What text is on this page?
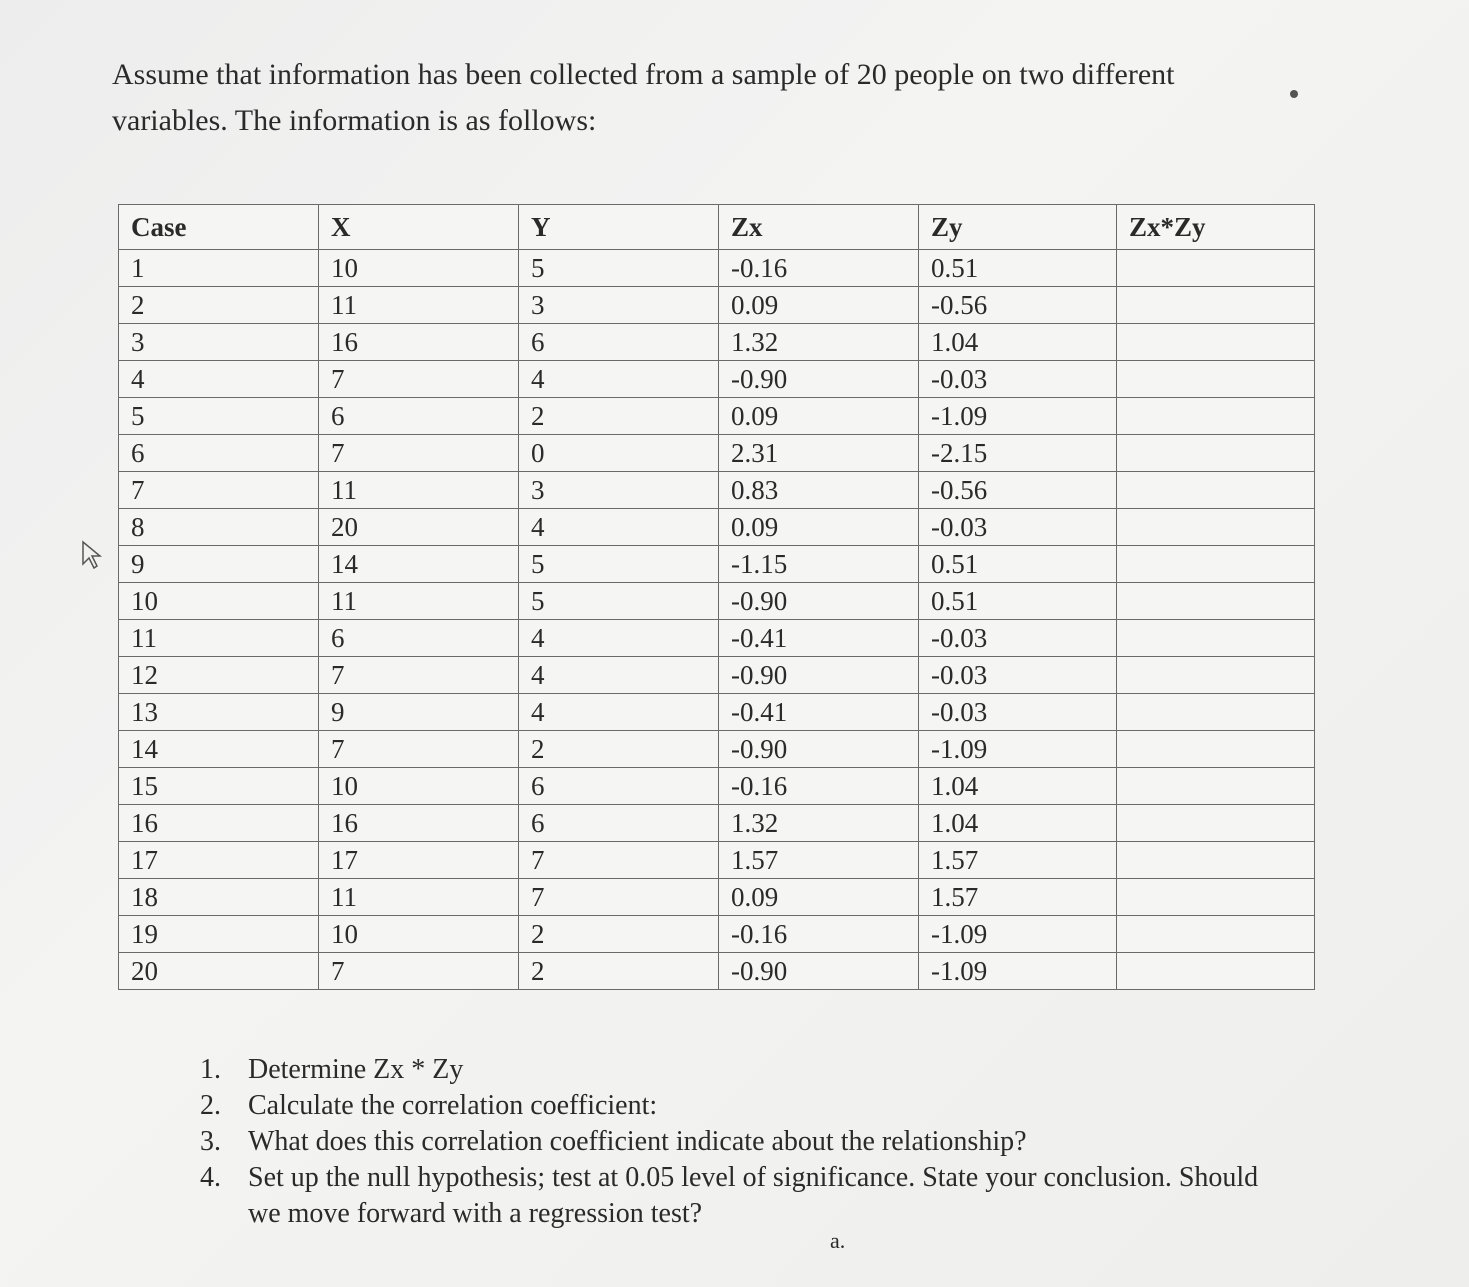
Assume that information has been collected from a sample of 20 people on two different
variables. The information is as follows:
Case	X	Y	Zx	Zy	Zx*Zy
1	10	5	-0.16	0.51	
2	11	3	0.09	-0.56	
3	16	6	1.32	1.04	
4	7	4	-0.90	-0.03	
5	6	2	0.09	-1.09	
6	7	0	2.31	-2.15	
7	11	3	0.83	-0.56	
8	20	4	0.09	-0.03	
9	14	5	-1.15	0.51	
10	11	5	-0.90	0.51	
11	6	4	-0.41	-0.03	
12	7	4	-0.90	-0.03	
13	9	4	-0.41	-0.03	
14	7	2	-0.90	-1.09	
15	10	6	-0.16	1.04	
16	16	6	1.32	1.04	
17	17	7	1.57	1.57	
18	11	7	0.09	1.57	
19	10	2	-0.16	-1.09	
20	7	2	-0.90	-1.09	
1. Determine Zx * Zy
2. Calculate the correlation coefficient:
3. What does this correlation coefficient indicate about the relationship?
4. Set up the null hypothesis; test at 0.05 level of significance. State your conclusion. Should we move forward with a regression test?
a.
